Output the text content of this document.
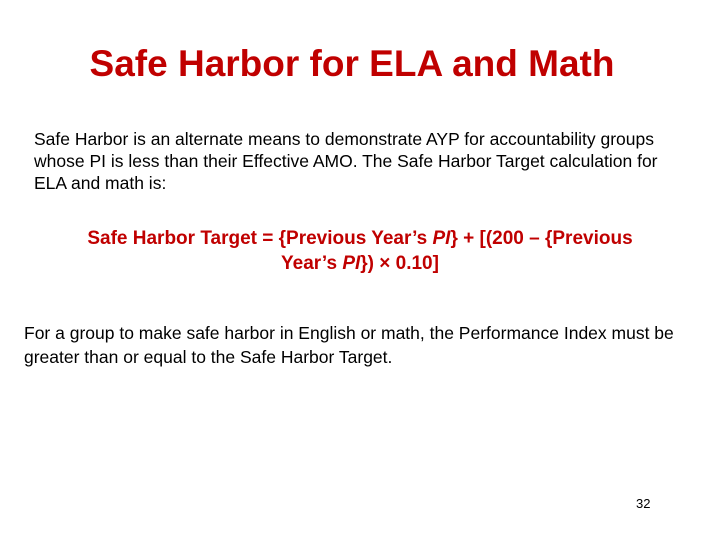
Safe Harbor for ELA and Math
Safe Harbor is an alternate means to demonstrate AYP for accountability groups whose PI is less than their Effective AMO. The Safe Harbor Target calculation for ELA and math is:
Safe Harbor Target = {Previous Year’s PI} + [(200 – {Previous
Year’s PI}) × 0.10]
For a group to make safe harbor in English or math, the Performance Index must be greater than or equal to the Safe Harbor Target.
32
